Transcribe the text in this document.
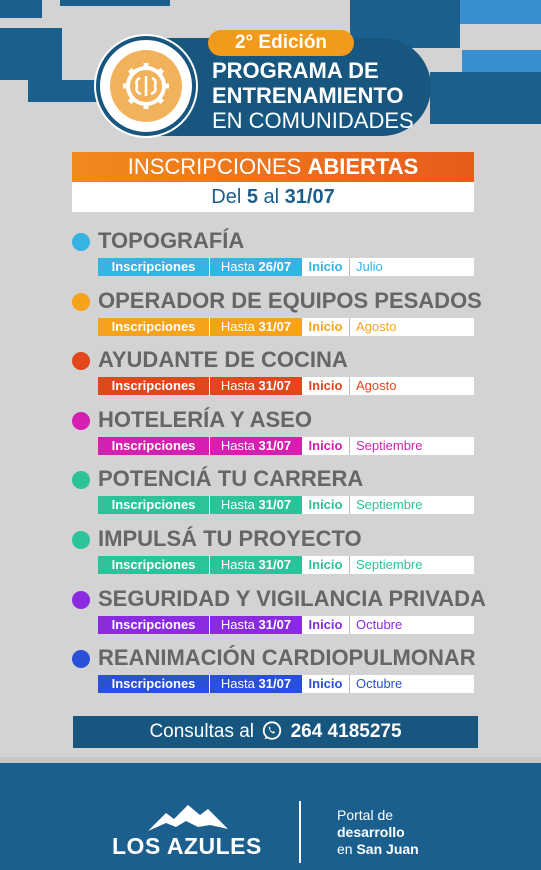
2° Edición
PROGRAMA DE
ENTRENAMIENTO
EN COMUNIDADES
INSCRIPCIONES ABIERTAS
Del 5 al 31/07
TOPOGRAFÍA
Inscripciones	Hasta 26/07	Inicio	Julio
OPERADOR DE EQUIPOS PESADOS
Inscripciones	Hasta 31/07	Inicio	Agosto
AYUDANTE DE COCINA
Inscripciones	Hasta 31/07	Inicio	Agosto
HOTELERÍA Y ASEO
Inscripciones	Hasta 31/07	Inicio	Septiembre
POTENCIÁ TU CARRERA
Inscripciones	Hasta 31/07	Inicio	Septiembre
IMPULSÁ TU PROYECTO
Inscripciones	Hasta 31/07	Inicio	Septiembre
SEGURIDAD Y VIGILANCIA PRIVADA
Inscripciones	Hasta 31/07	Inicio	Octubre
REANIMACIÓN CARDIOPULMONAR
Inscripciones	Hasta 31/07	Inicio	Octubre
Consultas al 264 4185275
LOS AZULES
Portal de
desarrollo
en San Juan
